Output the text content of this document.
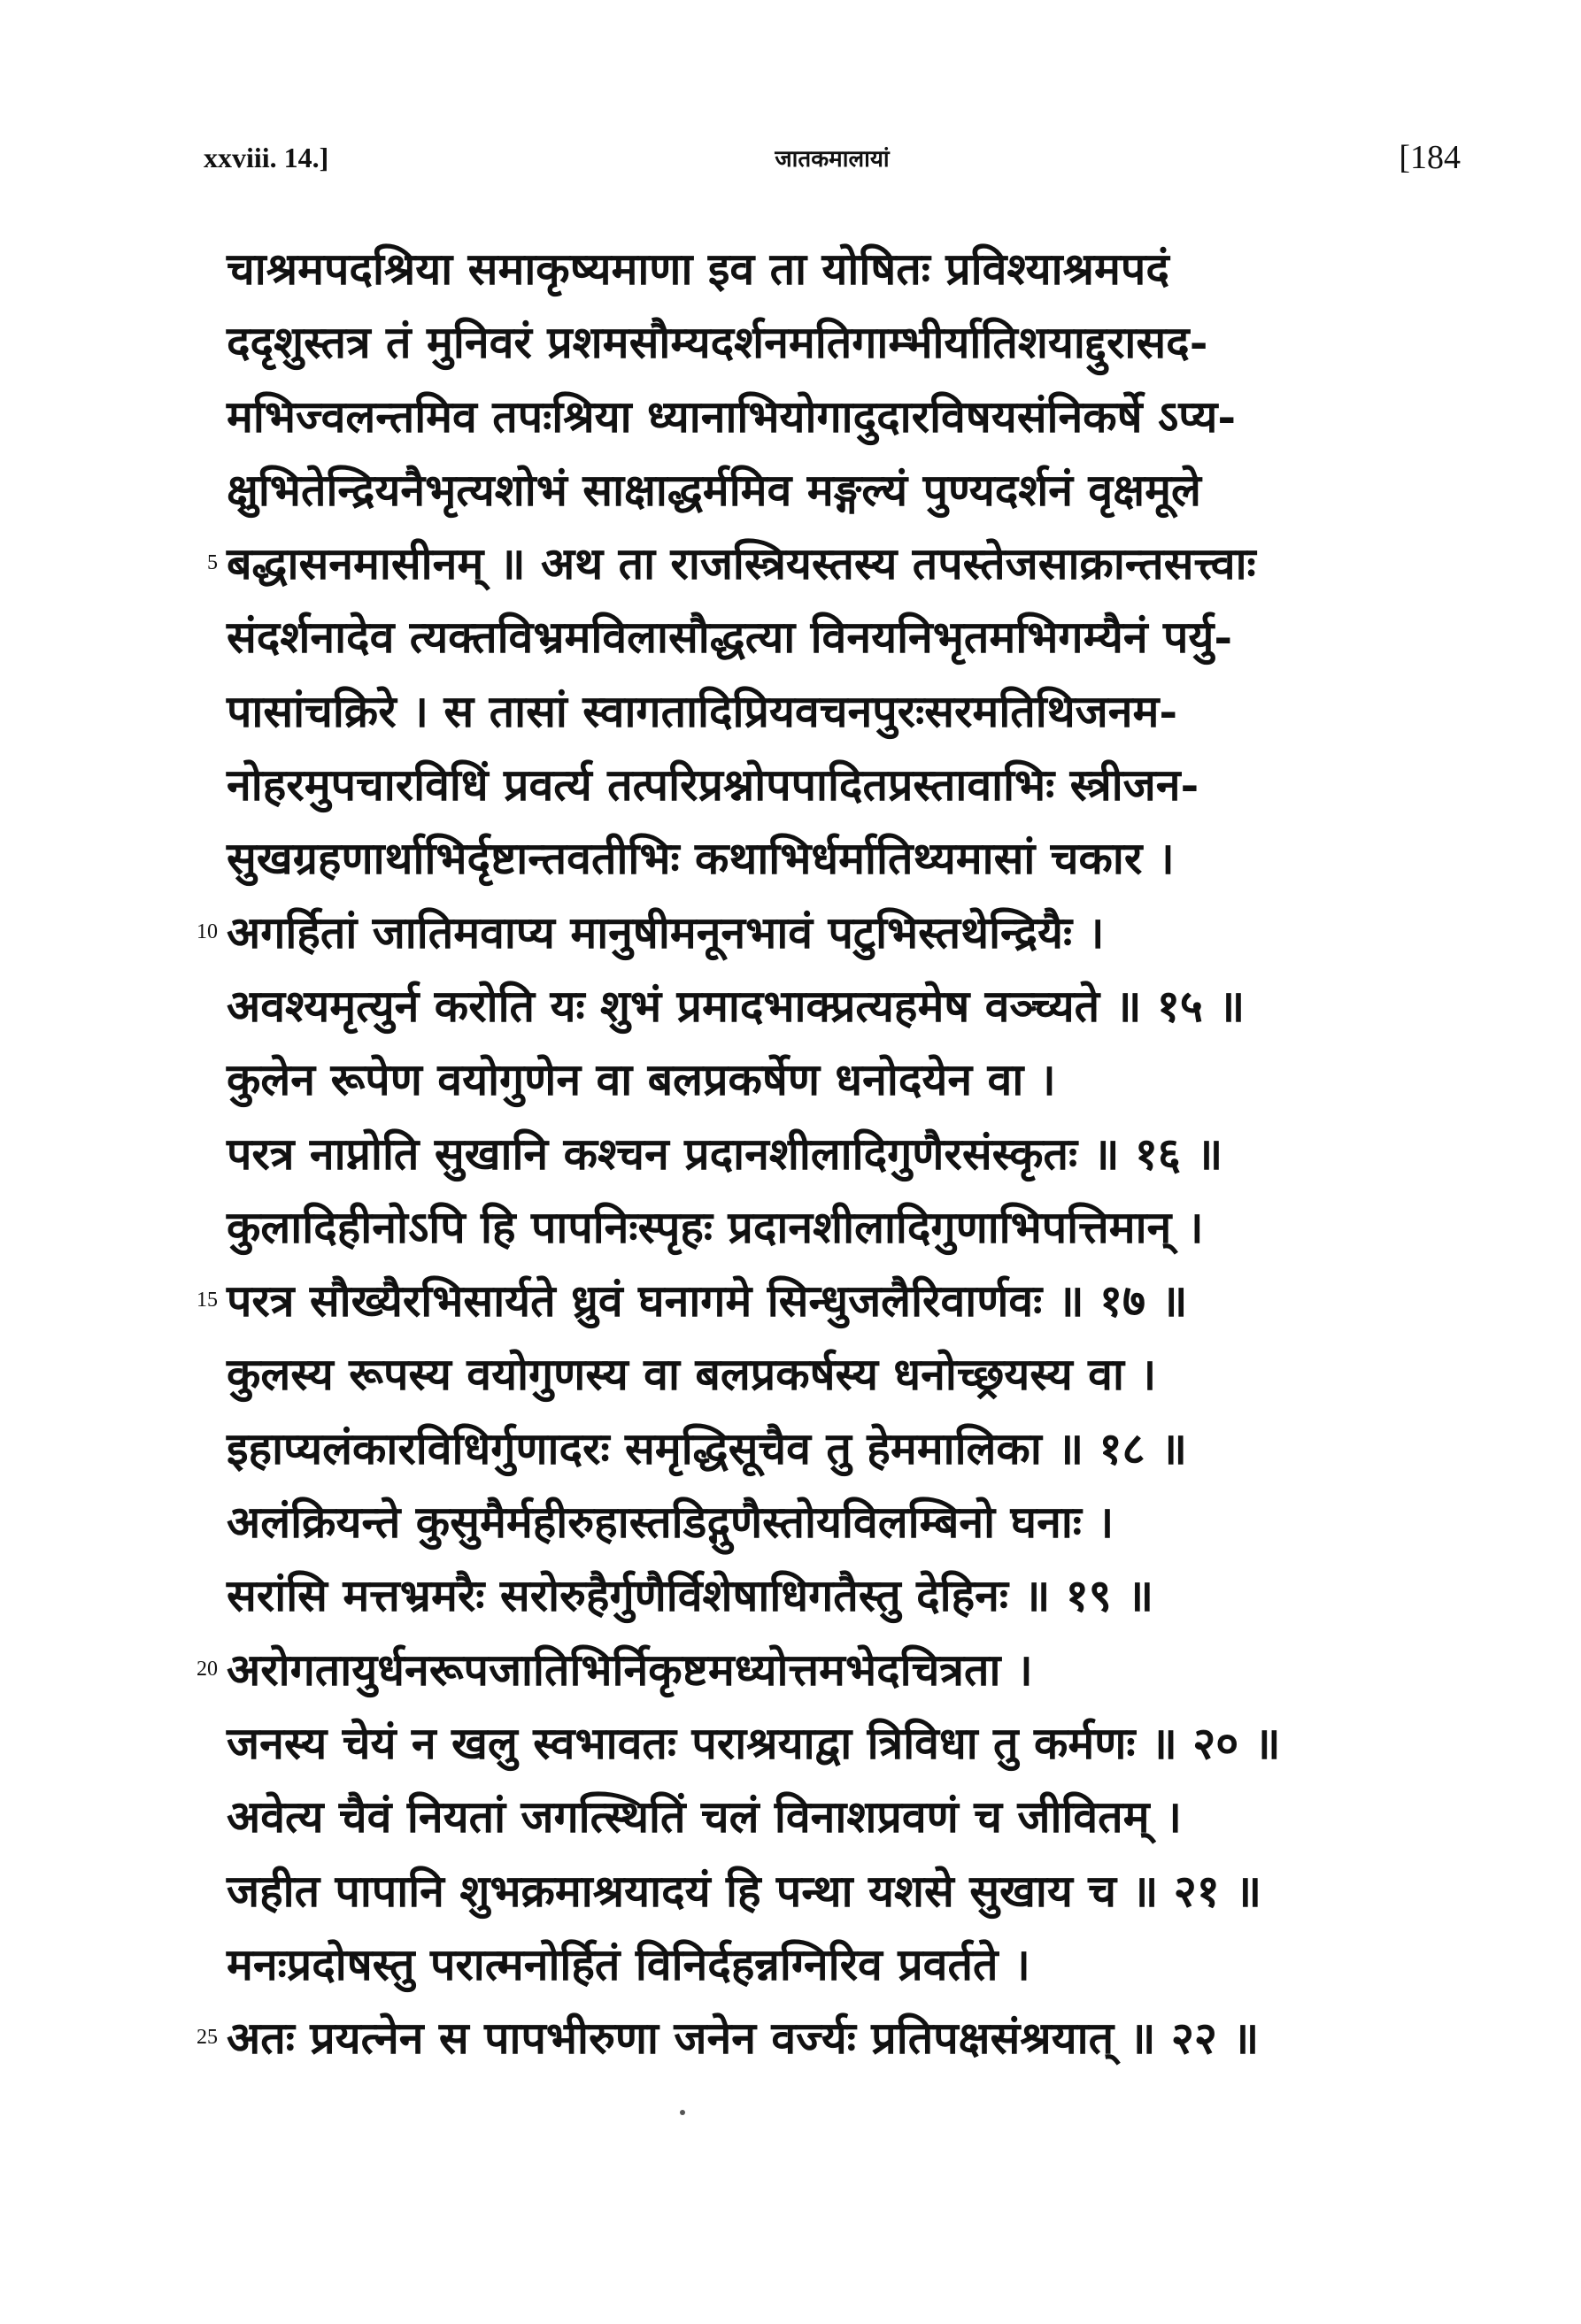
xxviii. 14.]	जातकमालायां	[184
चाश्रमपदश्रिया समाकृष्यमाणा इव ता योषितः प्रविश्याश्रमपदं
ददृशुस्तत्र तं मुनिवरं प्रशमसौम्यदर्शनमतिगाम्भीर्यातिशयाद्दुरासद-
मभिज्वलन्तमिव तपःश्रिया ध्यानाभियोगादुदारविषयसंनिकर्षे ऽप्य-
क्षुभितेन्द्रियनैभृत्यशोभं साक्षाद्धर्ममिव मङ्गल्यं पुण्यदर्शनं वृक्षमूले
5 बद्धासनमासीनम् ॥ अथ ता राजस्त्रियस्तस्य तपस्तेजसाक्रान्तसत्त्वाः
संदर्शनादेव त्यक्तविभ्रमविलासौद्धत्या विनयनिभृतमभिगम्यैनं पर्यु-
पासांचक्रिरे । स तासां स्वागतादिप्रियवचनपुरःसरमतिथिजनम-
नोहरमुपचारविधिं प्रवर्त्य तत्परिप्रश्नोपपादितप्रस्तावाभिः स्त्रीजन-
सुखग्रहणार्थाभिर्दृष्टान्तवतीभिः कथाभिर्धर्मातिथ्यमासां चकार ।
10 अगर्हितां जातिमवाप्य मानुषीमनूनभावं पटुभिस्तथेन्द्रियैः ।
अवश्यमृत्युर्न करोति यः शुभं प्रमादभाक्प्रत्यहमेष वञ्च्यते ॥ १५ ॥
कुलेन रूपेण वयोगुणेन वा बलप्रकर्षेण धनोदयेन वा ।
परत्र नाप्नोति सुखानि कश्चन प्रदानशीलादिगुणैरसंस्कृतः ॥ १६ ॥
कुलादिहीनोऽपि हि पापनिःस्पृहः प्रदानशीलादिगुणाभिपत्तिमान् ।
15 परत्र सौख्यैरभिसार्यते ध्रुवं घनागमे सिन्धुजलैरिवार्णवः ॥ १७ ॥
कुलस्य रूपस्य वयोगुणस्य वा बलप्रकर्षस्य धनोच्छ्रयस्य वा ।
इहाप्यलंकारविधिर्गुणादरः समृद्धिसूचैव तु हेममालिका ॥ १८ ॥
अलंक्रियन्ते कुसुमैर्महीरुहास्तडिद्गुणैस्तोयविलम्बिनो घनाः ।
सरांसि मत्तभ्रमरैः सरोरुहैर्गुणैर्विशेषाधिगतैस्तु देहिनः ॥ १९ ॥
20 अरोगतायुर्धनरूपजातिभिर्निकृष्टमध्योत्तमभेदचित्रता ।
जनस्य चेयं न खलु स्वभावतः पराश्रयाद्वा त्रिविधा तु कर्मणः ॥ २० ॥
अवेत्य चैवं नियतां जगत्स्थितिं चलं विनाशप्रवणं च जीवितम् ।
जहीत पापानि शुभक्रमाश्रयादयं हि पन्था यशसे सुखाय च ॥ २१ ॥
मनःप्रदोषस्तु परात्मनोर्हितं विनिर्दहन्नग्निरिव प्रवर्तते ।
25 अतः प्रयत्नेन स पापभीरुणा जनेन वर्ज्यः प्रतिपक्षसंश्रयात् ॥ २२ ॥
